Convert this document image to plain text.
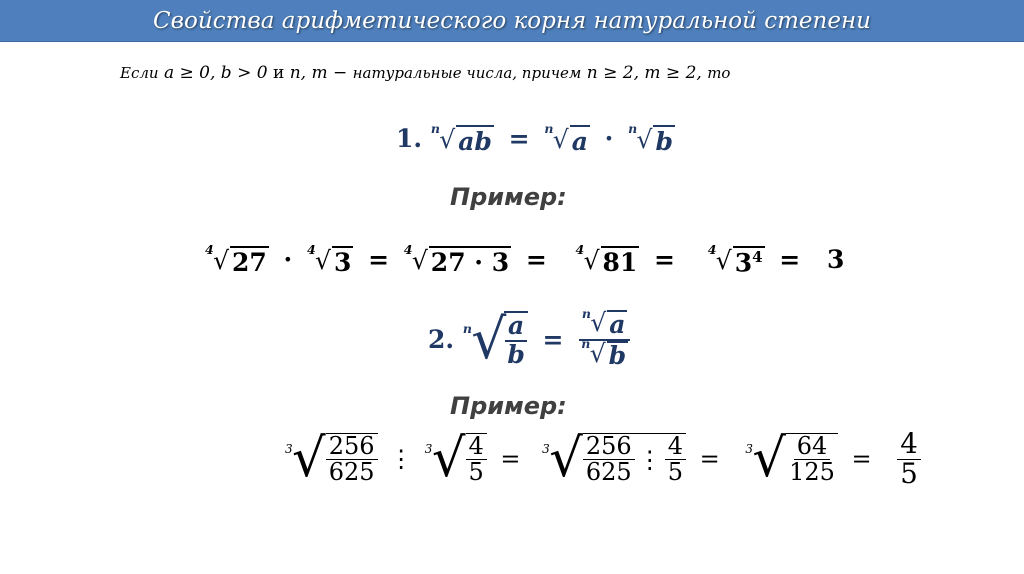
Свойства арифметического корня натуральной степени
Если a ≥ 0, b > 0 и n, m − натуральные числа, причем n ≥ 2, m ≥ 2, то
1. n √ ab = n √ a · n √ b
Пример:
4 √ 27 · 4 √ 3 = 4 √ 27 · 3 = 4 √ 81 =	4 √ $3^4 = 3$
2. n √
$\frac{a}{b} = \frac{n √ a}{n √ b}$
Пример:
3 √ $\frac{256}{625}$ ⋮ 3 √ $\frac{4}{5} = 3$ √ $\frac{256}{625}$ ⋮ $\frac{4}{5} = 3$ √ $\frac{64}{125} = \frac{4}{5}$
